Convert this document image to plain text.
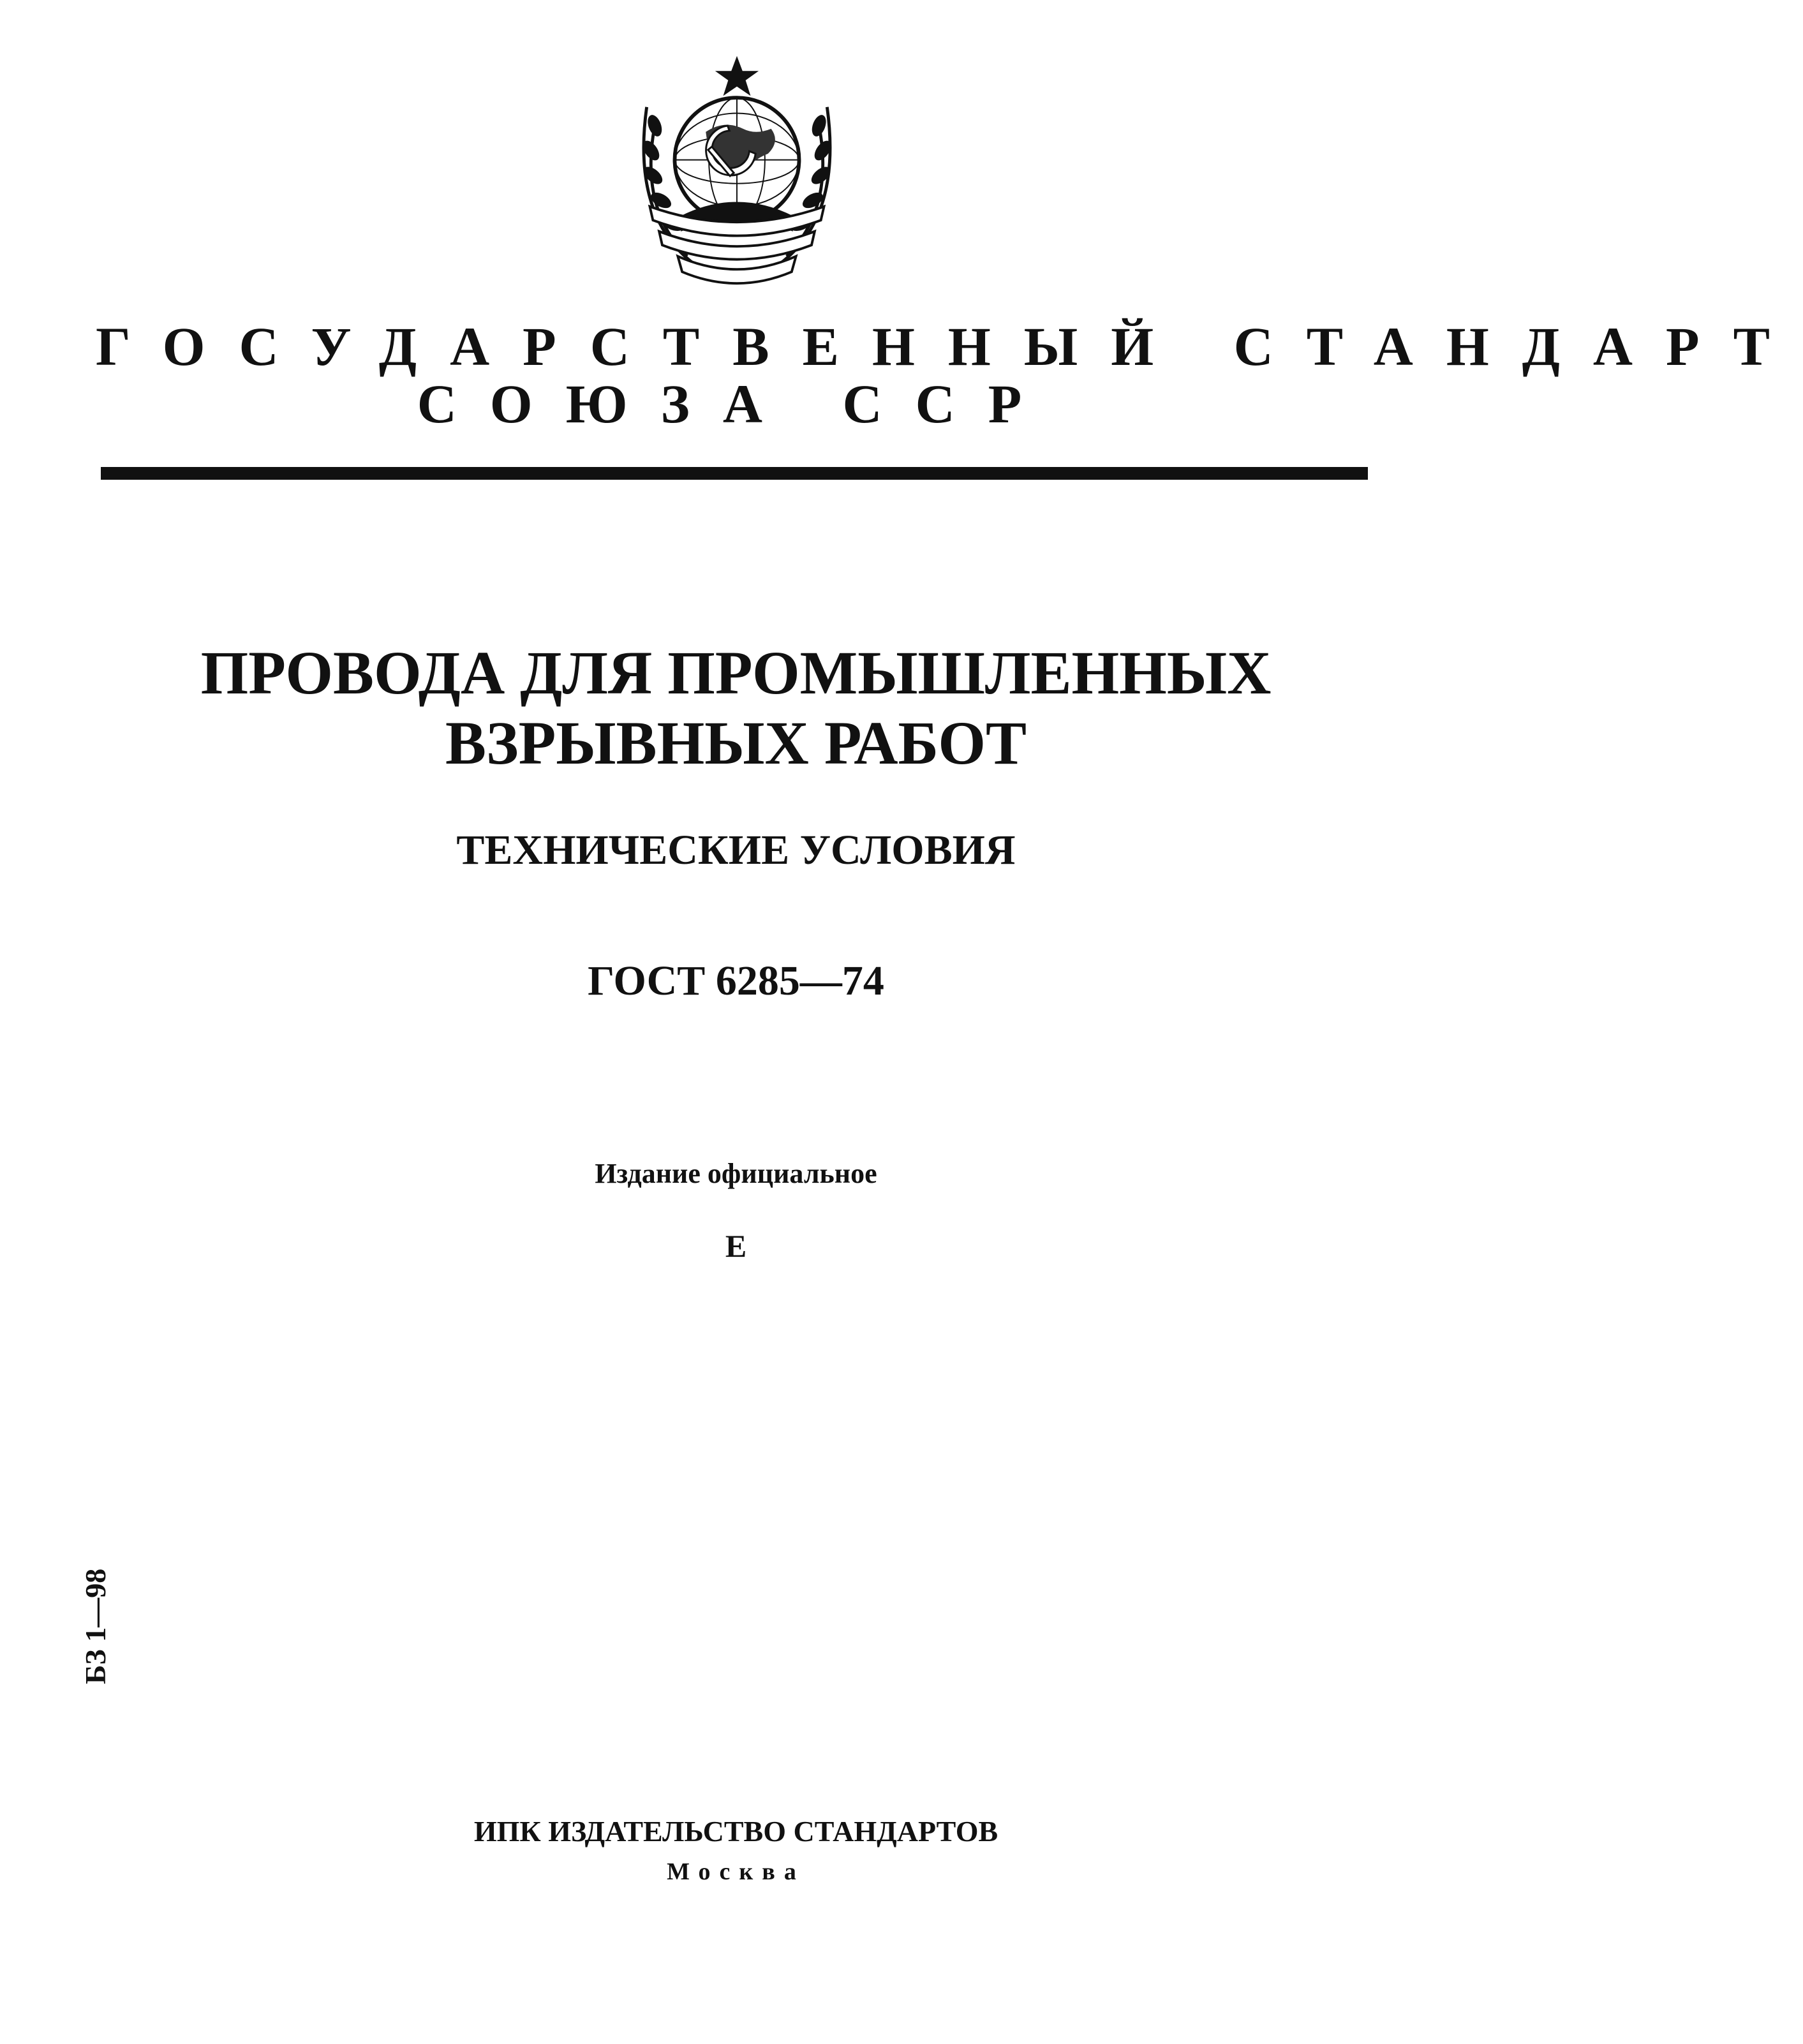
ГОСУДАРСТВЕННЫЙ СТАНДАРТ
СОЮЗА ССР
ПРОВОДА ДЛЯ ПРОМЫШЛЕННЫХ
ВЗРЫВНЫХ РАБОТ
ТЕХНИЧЕСКИЕ УСЛОВИЯ
ГОСТ 6285—74
Издание официальное
Е
БЗ 1—98
ИПК ИЗДАТЕЛЬСТВО СТАНДАРТОВ
Москва
